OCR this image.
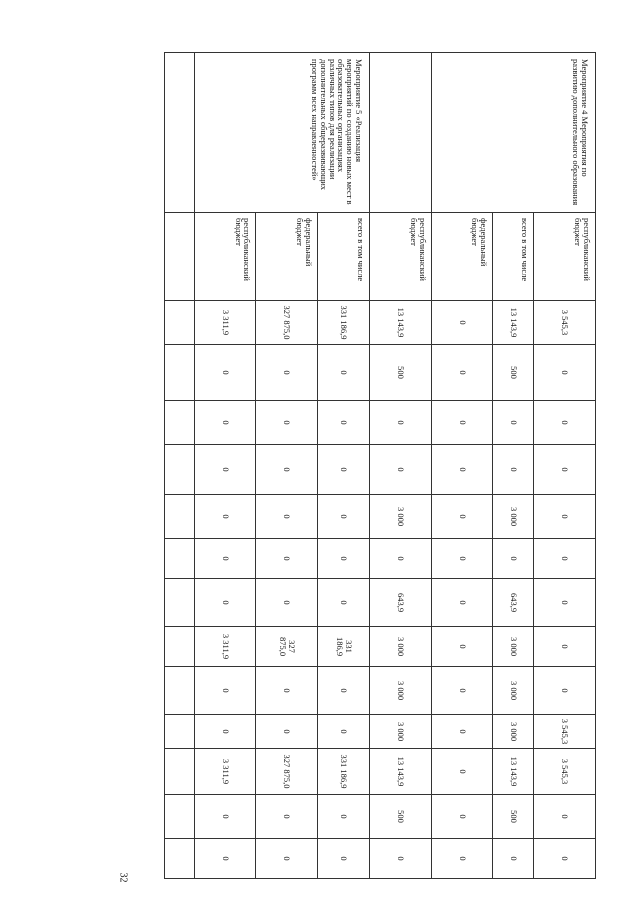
Мероприятие 4 Мероприятия по развитию дополнительного образования	республиканский бюджет	3 545,3	0	0	0	0	0	0	0	0	3 545,3	3 545,3	0	0
	всего в том числе	13 143,9	500	0	0	3 000	0	643,9	3 000	3 000	3 000	13 143,9	500	0
	федеральный бюджет	0	0	0	0	0	0	0	0	0	0	0	0	0
	республиканский бюджет	13 143,9	500	0	0	3 000	0	643,9	3 000	3 000	3 000	13 143,9	500	0
Мероприятие 5 «Реализация мероприятий по созданию новых мест в образовательных организациях различных типов для реализации дополнительных общеразвивающих программ всех направленностей»	всего в том числе	331 186,9	0	0	0	0	0	0	331 186,9	0	0	331 186,9	0	0
	федеральный бюджет	327 875,0	0	0	0	0	0	0	327 875,0	0	0	327 875,0	0	0
	республиканский бюджет	3 311,9	0	0	0	0	0	0	3 311,9	0	0	3 311,9	0	0

32
